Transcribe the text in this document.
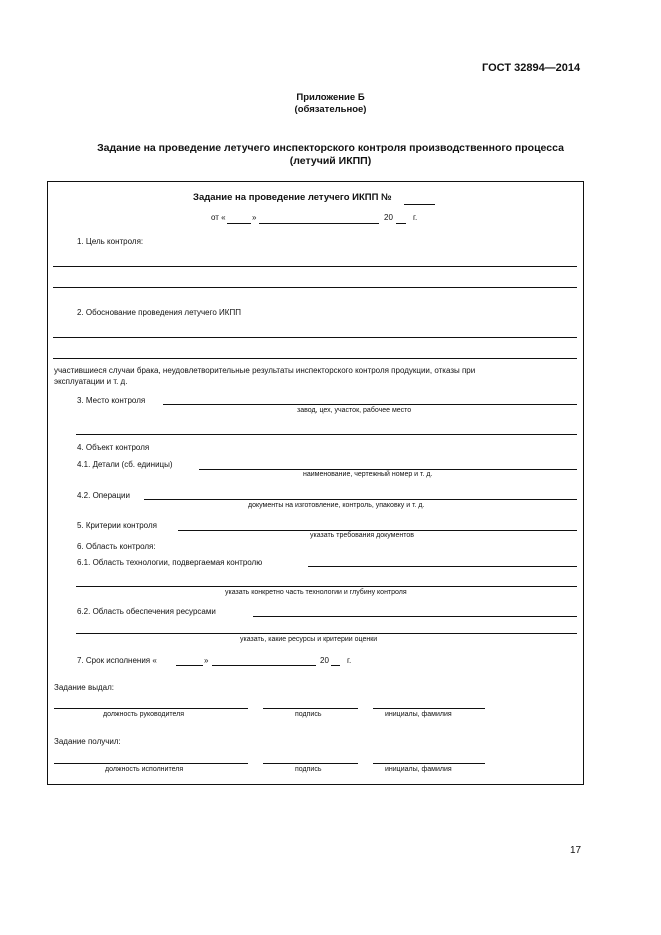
ГОСТ 32894—2014
Приложение Б
(обязательное)
Задание на проведение летучего инспекторского контроля производственного процесса
(летучий ИКПП)
Задание на проведение летучего ИКПП №
от «	»	20	г.
1. Цель контроля:
2. Обоснование проведения летучего ИКПП
участившиеся случаи брака, неудовлетворительные результаты инспекторского контроля продукции, отказы при
эксплуатации и т. д.
3. Место контроля
завод, цех, участок, рабочее место
4. Объект контроля
4.1. Детали (сб. единицы)
наименование, чертежный номер и т. д.
4.2. Операции
документы на изготовление, контроль, упаковку и т. д.
5. Критерии контроля
указать требования документов
6. Область контроля:
6.1. Область технологии, подвергаемая контролю
указать конкретно часть технологии и глубину контроля
6.2. Область обеспечения ресурсами
указать, какие ресурсы и критерии оценки
7. Срок исполнения «	»	20 г.
Задание выдал:
должность руководителя	подпись	инициалы, фамилия
Задание получил:
должность исполнителя	подпись	инициалы, фамилия
17
